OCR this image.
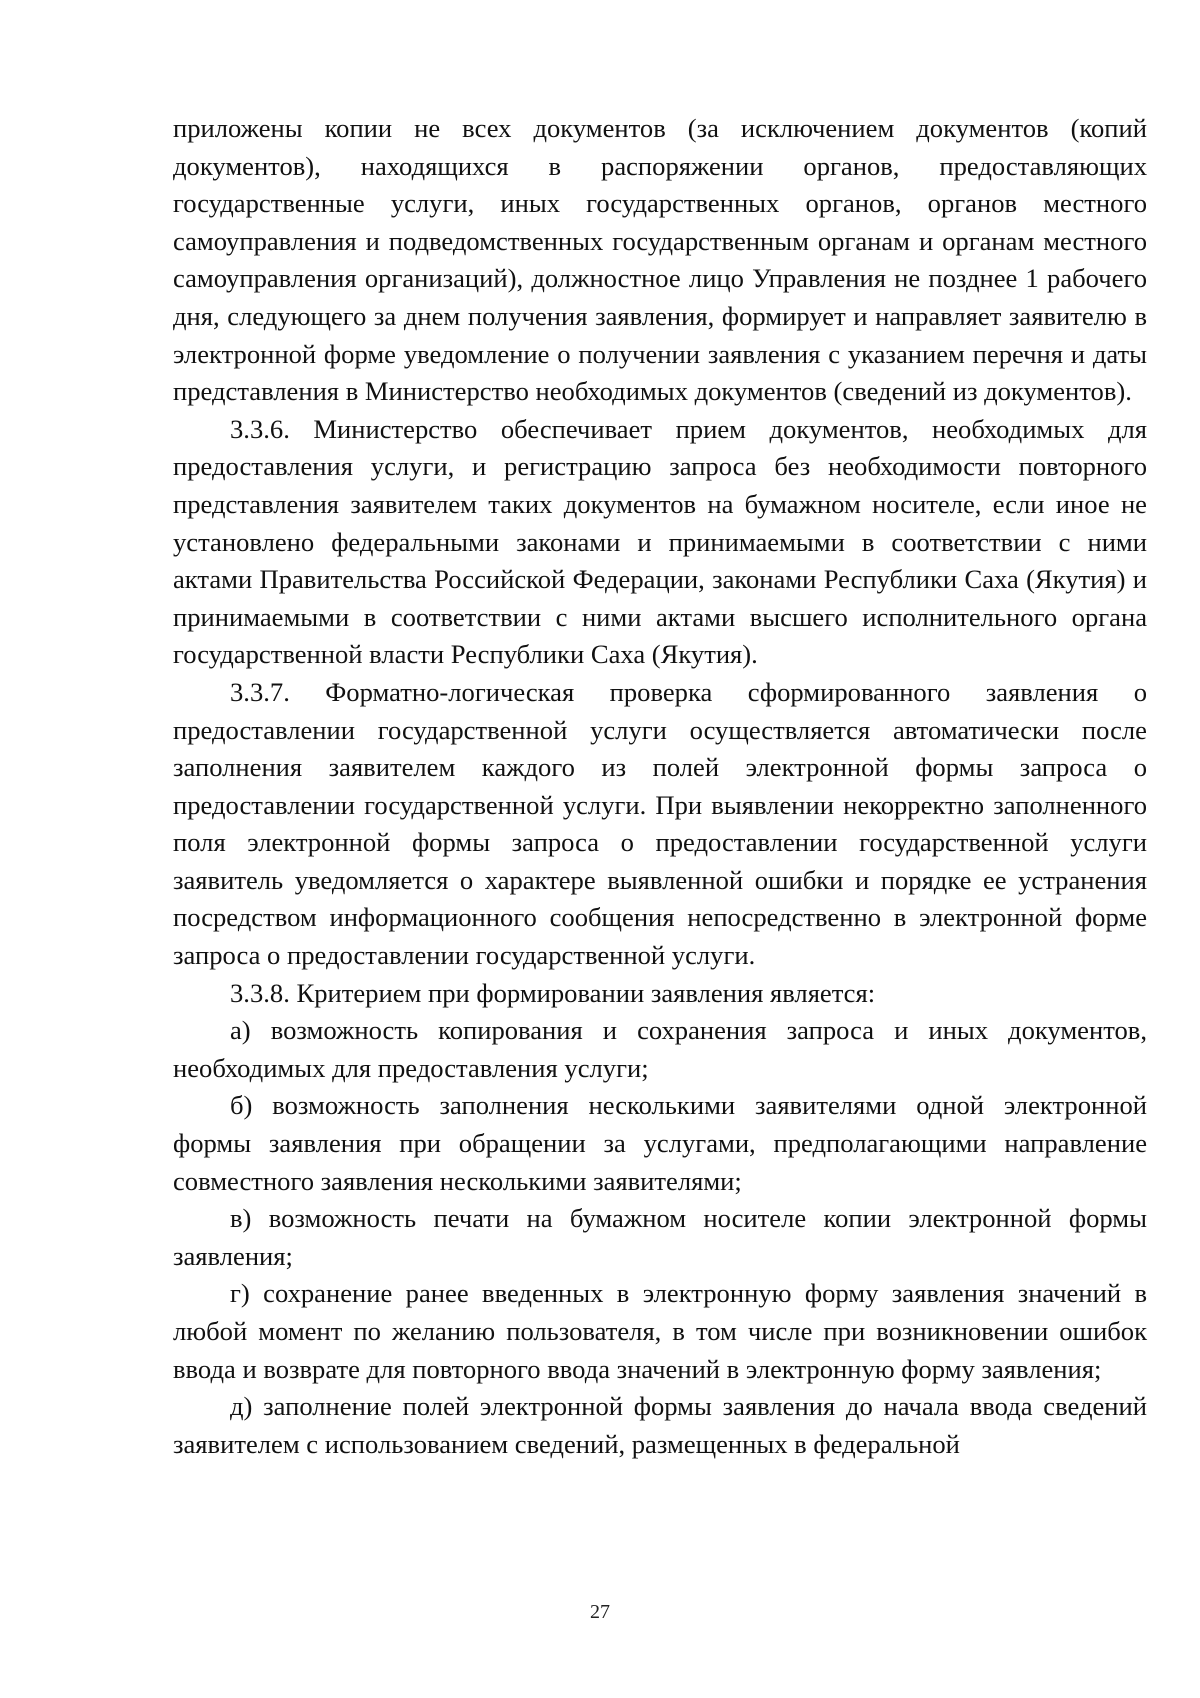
приложены копии не всех документов (за исключением документов (копий документов), находящихся в распоряжении органов, предоставляющих государственные услуги, иных государственных органов, органов местного самоуправления и подведомственных государственным органам и органам местного самоуправления организаций), должностное лицо Управления не позднее 1 рабочего дня, следующего за днем получения заявления, формирует и направляет заявителю в электронной форме уведомление о получении заявления с указанием перечня и даты представления в Министерство необходимых документов (сведений из документов).

3.3.6. Министерство обеспечивает прием документов, необходимых для предоставления услуги, и регистрацию запроса без необходимости повторного представления заявителем таких документов на бумажном носителе, если иное не установлено федеральными законами и принимаемыми в соответствии с ними актами Правительства Российской Федерации, законами Республики Саха (Якутия) и принимаемыми в соответствии с ними актами высшего исполнительного органа государственной власти Республики Саха (Якутия).

3.3.7. Форматно-логическая проверка сформированного заявления о предоставлении государственной услуги осуществляется автоматически после заполнения заявителем каждого из полей электронной формы запроса о предоставлении государственной услуги. При выявлении некорректно заполненного поля электронной формы запроса о предоставлении государственной услуги заявитель уведомляется о характере выявленной ошибки и порядке ее устранения посредством информационного сообщения непосредственно в электронной форме запроса о предоставлении государственной услуги.

3.3.8. Критерием при формировании заявления является:

а) возможность копирования и сохранения запроса и иных документов, необходимых для предоставления услуги;

б) возможность заполнения несколькими заявителями одной электронной формы заявления при обращении за услугами, предполагающими направление совместного заявления несколькими заявителями;

в) возможность печати на бумажном носителе копии электронной формы заявления;

г) сохранение ранее введенных в электронную форму заявления значений в любой момент по желанию пользователя, в том числе при возникновении ошибок ввода и возврате для повторного ввода значений в электронную форму заявления;

д) заполнение полей электронной формы заявления до начала ввода сведений заявителем с использованием сведений, размещенных в федеральной

27
